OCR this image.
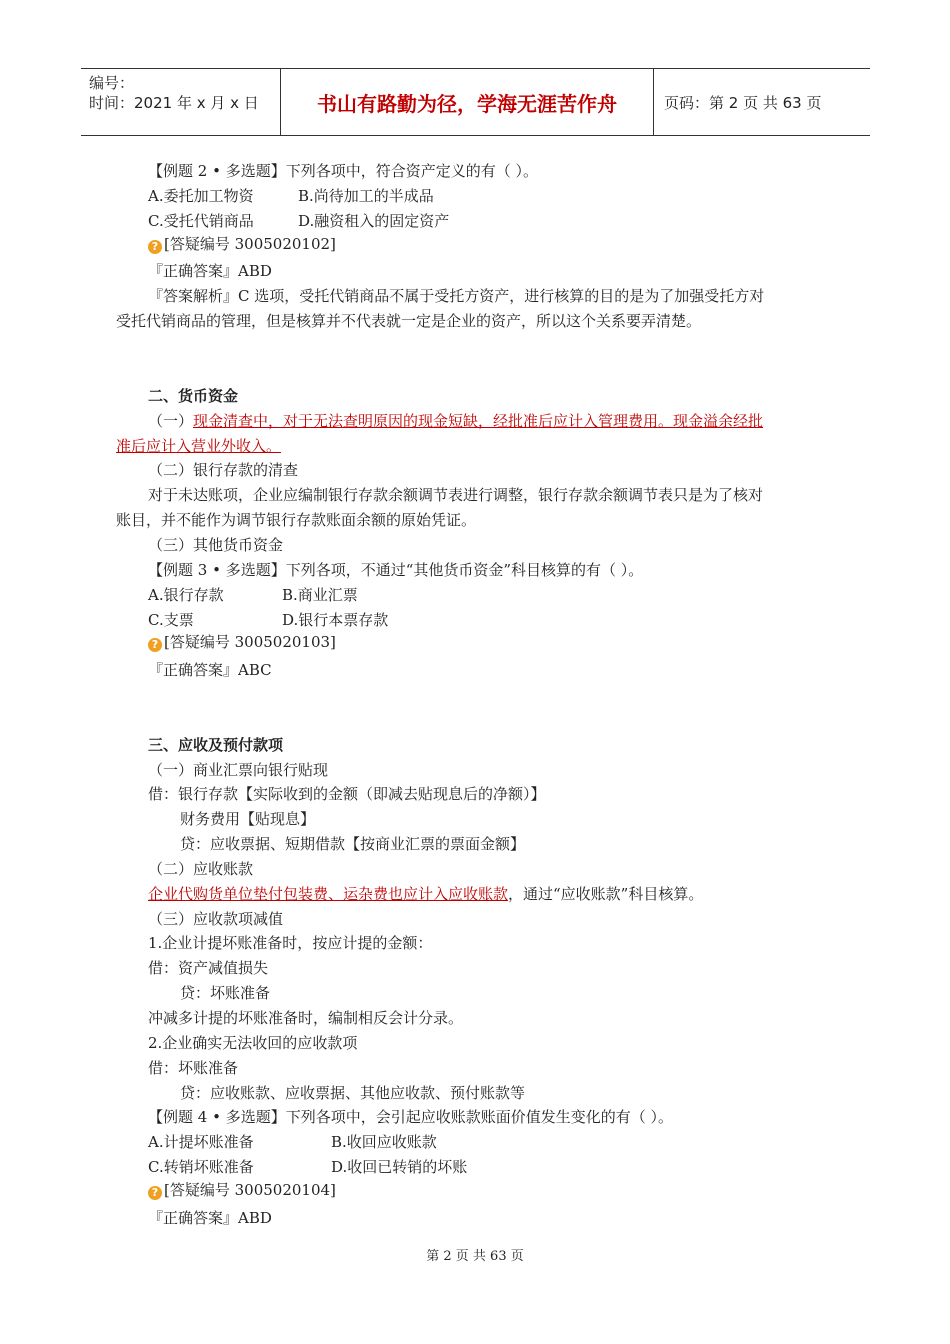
编号：
时间：2021 年 x 月 x 日	书山有路勤为径，学海无涯苦作舟	页码：第 2 页 共 63 页
【例题 2 • 多选题】下列各项中，符合资产定义的有（ ）。
A.委托加工物资	B.尚待加工的半成品
C.受托代销商品	D.融资租入的固定资产
? [答疑编号 3005020102]
『正确答案』ABD
『答案解析』C 选项，受托代销商品不属于受托方资产，进行核算的目的是为了加强受托方对
受托代销商品的管理，但是核算并不代表就一定是企业的资产，所以这个关系要弄清楚。
二、货币资金
（一）现金清查中，对于无法查明原因的现金短缺，经批准后应计入管理费用。现金溢余经批
准后应计入营业外收入。
（二）银行存款的清查
对于未达账项，企业应编制银行存款余额调节表进行调整，银行存款余额调节表只是为了核对
账目，并不能作为调节银行存款账面余额的原始凭证。
（三）其他货币资金
【例题 3 • 多选题】下列各项，不通过“其他货币资金”科目核算的有（ ）。
A.银行存款	B.商业汇票
C.支票	D.银行本票存款
? [答疑编号 3005020103]
『正确答案』ABC
三、应收及预付款项
（一）商业汇票向银行贴现
借：银行存款【实际收到的金额（即减去贴现息后的净额）】
财务费用【贴现息】
贷：应收票据、短期借款【按商业汇票的票面金额】
（二）应收账款
企业代购货单位垫付包装费、运杂费也应计入应收账款，通过“应收账款”科目核算。
（三）应收款项减值
1.企业计提坏账准备时，按应计提的金额：
借：资产减值损失
贷：坏账准备
冲减多计提的坏账准备时，编制相反会计分录。
2.企业确实无法收回的应收款项
借：坏账准备
贷：应收账款、应收票据、其他应收款、预付账款等
【例题 4 • 多选题】下列各项中，会引起应收账款账面价值发生变化的有（ ）。
A.计提坏账准备	B.收回应收账款
C.转销坏账准备	D.收回已转销的坏账
? [答疑编号 3005020104]
『正确答案』ABD
第 2 页 共 63 页
